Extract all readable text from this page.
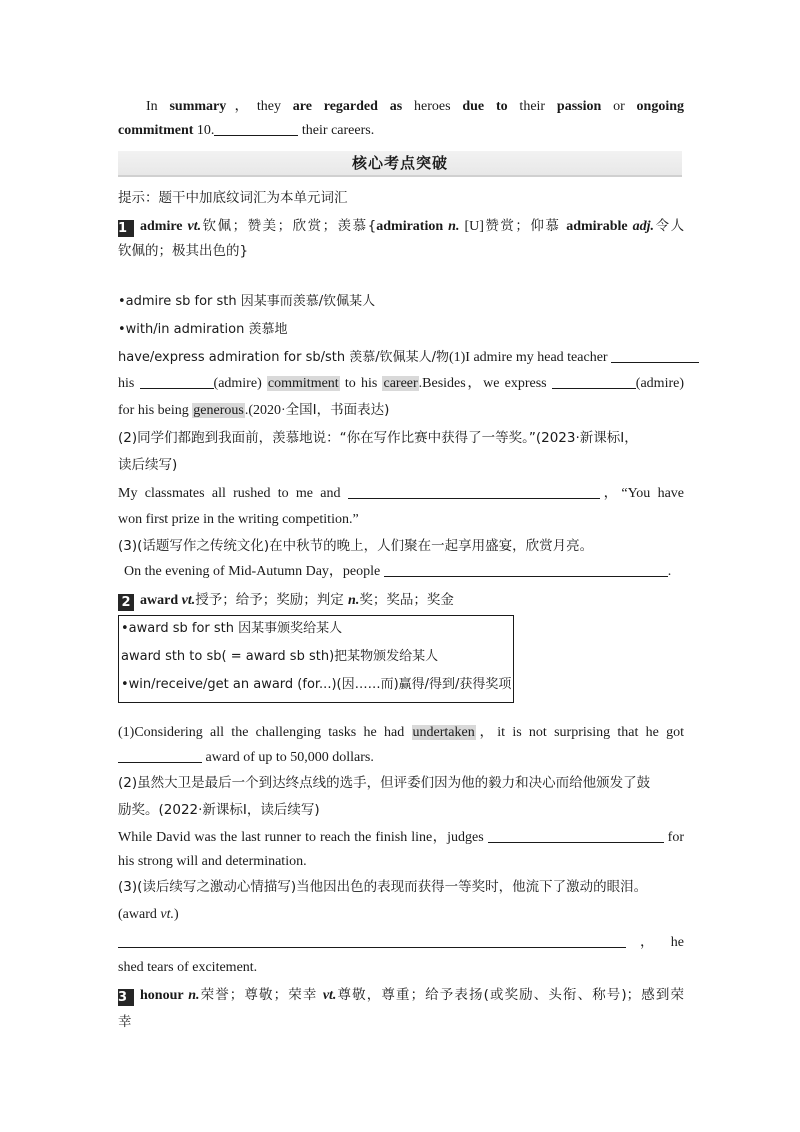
In summary，they are regarded as heroes due to their passion or ongoing
commitment 10.	their careers.
核心考点突破
提示：题干中加底纹词汇为本单元词汇
1 admire vt.钦佩；赞美；欣赏；羡慕{admiration n. [U]赞赏；仰慕 admirable adj.令人
钦佩的；极其出色的}
•admire sb for sth 因某事而羡慕/钦佩某人
•with/in admiration 羡慕地
have/express admiration for sb/sth 羡慕/钦佩某人/物(1)I admire my head teacher
his	(admire) commitment to his career.Besides，we express	(admire)
for his being generous.(2020·全国Ⅰ，书面表达)
(2)同学们都跑到我面前，羡慕地说：“你在写作比赛中获得了一等奖。”(2023·新课标Ⅰ，
读后续写)
My classmates all rushed to me and	，“You have
won first prize in the writing competition.”
(3)(话题写作之传统文化)在中秋节的晚上，人们聚在一起享用盛宴，欣赏月亮。
On the evening of Mid-Autumn Day，people	.
2 award vt.授予；给予；奖励；判定 n.奖；奖品；奖金
•award sb for sth 因某事颁奖给某人
award sth to sb( = award sb sth)把某物颁发给某人
•win/receive/get an award (for...)(因……而)赢得/得到/获得奖项
(1)Considering all the challenging tasks he had undertaken，it is not surprising that he got
award of up to 50,000 dollars.
(2)虽然大卫是最后一个到达终点线的选手，但评委们因为他的毅力和决心而给他颁发了鼓
励奖。(2022·新课标Ⅰ，读后续写)
While David was the last runner to reach the finish line，judges	for
his strong will and determination.
(3)(读后续写之激动心情描写)当他因出色的表现而获得一等奖时，他流下了激动的眼泪。
(award vt.)
， he
shed tears of excitement.
3 honour n.荣誉；尊敬；荣幸 vt.尊敬，尊重；给予表扬(或奖励、头衔、称号)；感到荣
幸
